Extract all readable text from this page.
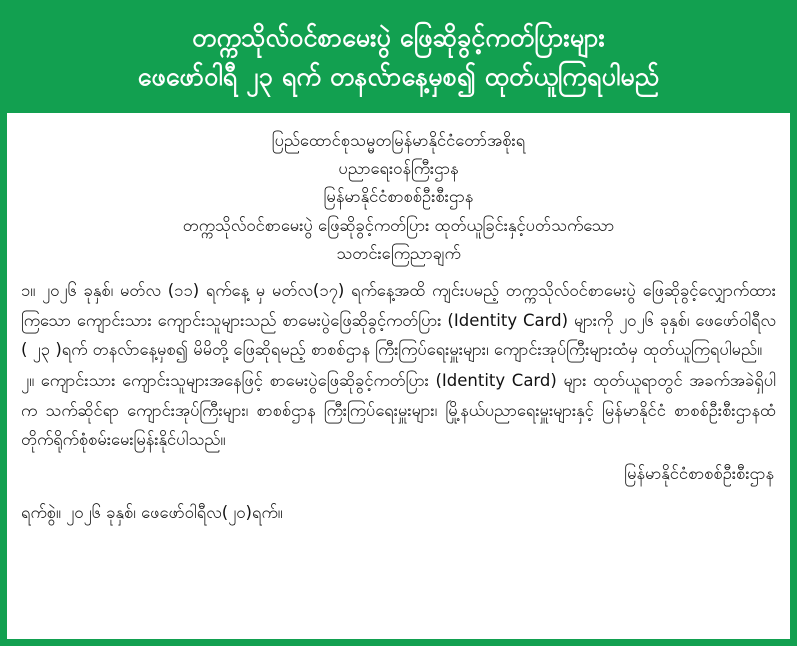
တက္ကသိုလ်ဝင်စာမေးပွဲ ဖြေဆိုခွင့်ကတ်ပြားများ
ဖေဖော်ဝါရီ ၂၃ ရက် တနလ်ာနေ့မှစ၍ ထုတ်ယူကြရပါမည်
ပြည်ထောင်စုသမ္မတမြန်မာနိုင်ငံတော်အစိုးရ
ပညာရေးဝန်ကြီးဌာန
မြန်မာနိုင်ငံစာစစ်ဦးစီးဌာန
တက္ကသိုလ်ဝင်စာမေးပွဲ ဖြေဆိုခွင့်ကတ်ပြား ထုတ်ယူခြင်းနှင့်ပတ်သက်သော
သတင်းကြေညာချက်

၁။ ၂၀၂၆ ခုနှစ်၊ မတ်လ (၁၁) ရက်နေ့ မှ မတ်လ(၁၇) ရက်နေ့အထိ ကျင်းပမည့် တက္ကသိုလ်ဝင်စာမေးပွဲ ဖြေဆိုခွင့်လျှောက်ထားကြသော ကျောင်းသား ကျောင်းသူများသည် စာမေးပွဲဖြေဆိုခွင့်ကတ်ပြား (Identity Card) များကို ၂၀၂၆ ခုနှစ်၊ ဖေဖော်ဝါရီလ ( ၂၃ )ရက် တနလ်ာနေ့မှစ၍ မိမိတို့ ဖြေဆိုရမည့် စာစစ်ဌာန ကြီးကြပ်ရေးမှူးများ၊ ကျောင်းအုပ်ကြီးများထံမှ ထုတ်ယူကြရပါမည်။

၂။ ကျောင်းသား ကျောင်းသူများအနေဖြင့် စာမေးပွဲဖြေဆိုခွင့်ကတ်ပြား (Identity Card) များ ထုတ်ယူရာတွင် အခက်အခဲရှိပါက သက်ဆိုင်ရာ ကျောင်းအုပ်ကြီးများ၊ စာစစ်ဌာန ကြီးကြပ်ရေးမှူးများ၊ မြို့နယ်ပညာရေးမှူးများနှင့် မြန်မာနိုင်ငံ စာစစ်ဦးစီးဌာနထံ တိုက်ရိုက်စုံစမ်းမေးမြန်းနိုင်ပါသည်။

မြန်မာနိုင်ငံစာစစ်ဦးစီးဌာန
ရက်စွဲ။ ၂၀၂၆ ခုနှစ်၊ ဖေဖော်ဝါရီလ(၂၀)ရက်။
